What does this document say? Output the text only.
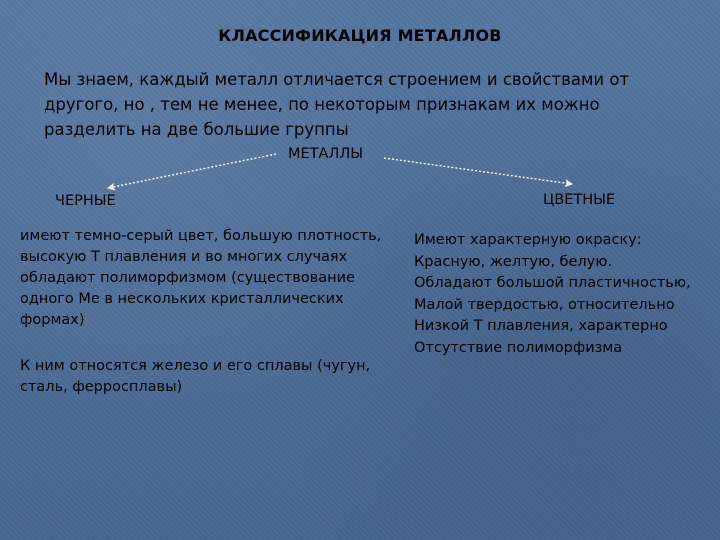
КЛАССИФИКАЦИЯ МЕТАЛЛОВ
Мы знаем, каждый металл отличается строением и свойствами от другого, но , тем не менее, по некоторым признакам их можно разделить на две большие группы
МЕТАЛЛЫ
ЧЕРНЫЕ	ЦВЕТНЫЕ
имеют темно-серый цвет, большую плотность, высокую Т плавления и во многих случаях обладают полиморфизмом (существование одного Ме в нескольких кристаллических формах)
К ним относятся железо и его сплавы (чугун, сталь, ферросплавы)
Имеют характерную окраску:
Красную, желтую, белую.
Обладают большой пластичностью,
Малой твердостью, относительно
Низкой Т плавления, характерно
Отсутствие полиморфизма
